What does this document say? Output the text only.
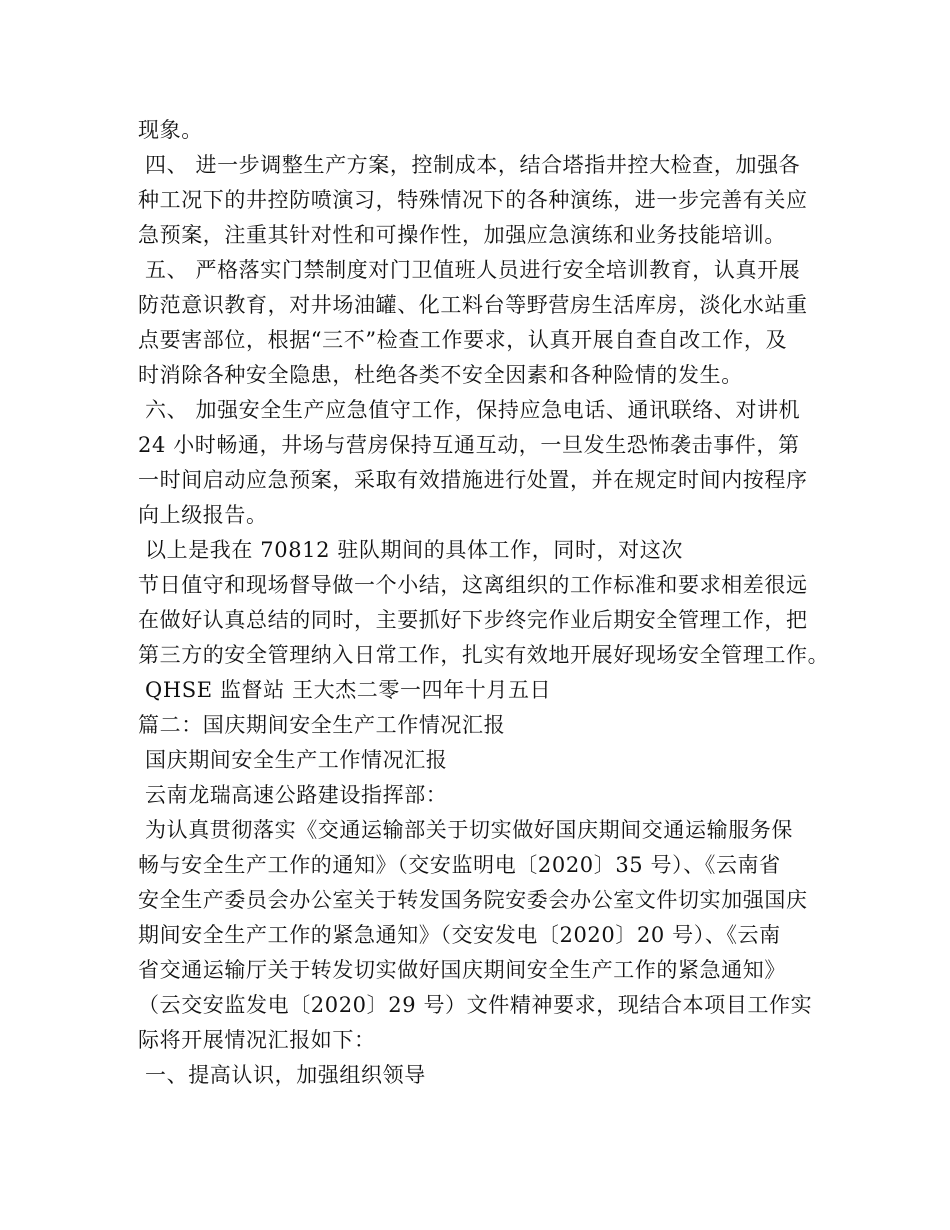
现象。
四、 进一步调整生产方案，控制成本，结合塔指井控大检查，加强各
种工况下的井控防喷演习，特殊情况下的各种演练，进一步完善有关应
急预案，注重其针对性和可操作性，加强应急演练和业务技能培训。
五、 严格落实门禁制度对门卫值班人员进行安全培训教育，认真开展
防范意识教育，对井场油罐、化工料台等野营房生活库房，淡化水站重
点要害部位，根据“三不”检查工作要求，认真开展自查自改工作，及
时消除各种安全隐患，杜绝各类不安全因素和各种险情的发生。
六、 加强安全生产应急值守工作，保持应急电话、通讯联络、对讲机
24 小时畅通，井场与营房保持互通互动，一旦发生恐怖袭击事件，第
一时间启动应急预案，采取有效措施进行处置，并在规定时间内按程序
向上级报告。
以上是我在 70812 驻队期间的具体工作，同时，对这次
节日值守和现场督导做一个小结，这离组织的工作标准和要求相差很远
在做好认真总结的同时，主要抓好下步终完作业后期安全管理工作，把
第三方的安全管理纳入日常工作，扎实有效地开展好现场安全管理工作。
QHSE 监督站 王大杰二零一四年十月五日
篇二：国庆期间安全生产工作情况汇报
国庆期间安全生产工作情况汇报
云南龙瑞高速公路建设指挥部：
为认真贯彻落实《交通运输部关于切实做好国庆期间交通运输服务保
畅与安全生产工作的通知》（交安监明电〔2020〕35 号）、《云南省
安全生产委员会办公室关于转发国务院安委会办公室文件切实加强国庆
期间安全生产工作的紧急通知》（交安发电〔2020〕20 号）、《云南
省交通运输厅关于转发切实做好国庆期间安全生产工作的紧急通知》
（云交安监发电〔2020〕29 号）文件精神要求，现结合本项目工作实
际将开展情况汇报如下：
一、提高认识，加强组织领导
